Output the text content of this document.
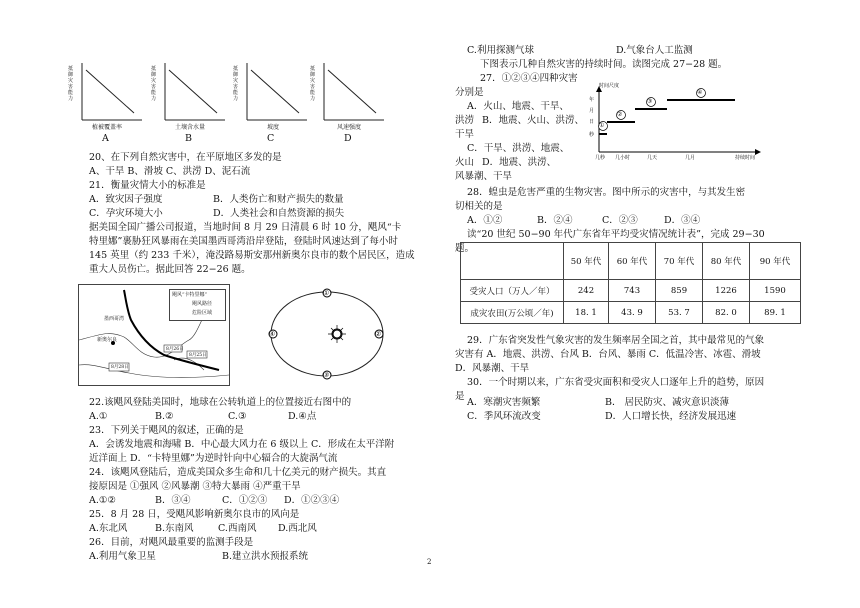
抵御灾害能力
抵御灾害能力
抵御灾害能力
抵御灾害能力
植被覆盖率	土壤含水量	坡度	风速强度
A	B	C	D
20、在下列自然灾害中，在平原地区多发的是
A、干旱 B、滑坡 C、洪涝 D、泥石流
21．衡量灾情大小的标准是
A．致灾因子强度	B．人类伤亡和财产损失的数量
C．孕灾环境大小	D．人类社会和自然资源的损失
据美国全国广播公司报道，当地时间 8 月 29 日清晨 6 时 10 分，飓风“卡
特里娜”裹胁狂风暴雨在美国墨西哥湾沿岸登陆，登陆时风速达到了每小时
145 英里（约 233 千米），淹没路易斯安那州新奥尔良市的数个居民区，造成
重大人员伤亡。据此回答 22−26 题。
飓风“卡特里娜”
飓风路径
危险区域
墨西哥湾
新奥尔良
8月28日
8月26日
8月25日
①
②
③
④
22.该飓风登陆美国时，地球在公转轨道上的位置接近右图中的
A.①	B.②	C.③	D.④点
23．下列关于飓风的叙述，正确的是
A．会诱发地震和海啸 B．中心最大风力在 6 级以上 C．形成在太平洋附
近洋面上 D．“卡特里娜”为逆时针向中心辐合的大旋涡气流
24．该飓风登陆后，造成美国众多生命和几十亿美元的财产损失。其直
接原因是 ①强风 ②风暴潮 ③特大暴雨 ④严重干旱
A.①②	B．③④	C．①②③ D．①②③④
25．8 月 28 日，受飓风影响新奥尔良市的风向是
A.东北风	B.东南风	C.西南风 D.西北风
26．目前，对飓风最重要的监测手段是
A.利用气象卫星	B.建立洪水预报系统
C.利用探测气球	D.气象台人工监测
下图表示几种自然灾害的持续时间。读图完成 27−28 题。
27．①②③④四种灾害
分别是
A．火山、地震、干旱、
洪涝 B．地震、火山、洪涝、
干旱
C．干旱、洪涝、地震、
火山 D．地震、洪涝、
风暴潮、干旱
时间尺度
年
月
日
秒
几秒 几小时	几天	几月	持续时间
①
②
③
④
28．蝗虫是危害严重的生物灾害。图中所示的灾害中，与其发生密
切相关的是
A．①②	B．②④	C．②③	D．③④
读“20 世纪 50−90 年代广东省年平均受灾情况统计表”，完成 29−30
题。
	50 年代	60 年代	70 年代	80 年代	90 年代
受灾人口（万人／年）	242	743	859	1226	1590
成灾农田(万公顷／年)	18. 1	43. 9	53. 7	82. 0	89. 1
29．广东省突发性气象灾害的发生频率居全国之首，其中最常见的气象
灾害有 A．地震、洪涝、台风 B．台风、暴雨 C．低温冷害、冰雹、滑坡
D．风暴潮、干旱
30．一个时期以来，广东省受灾面积和受灾人口逐年上升的趋势，原因
是
A．寒潮灾害频繁	B． 居民防灾、减灾意识淡薄
C．季风环流改变	D．人口增长快，经济发展迅速
2
